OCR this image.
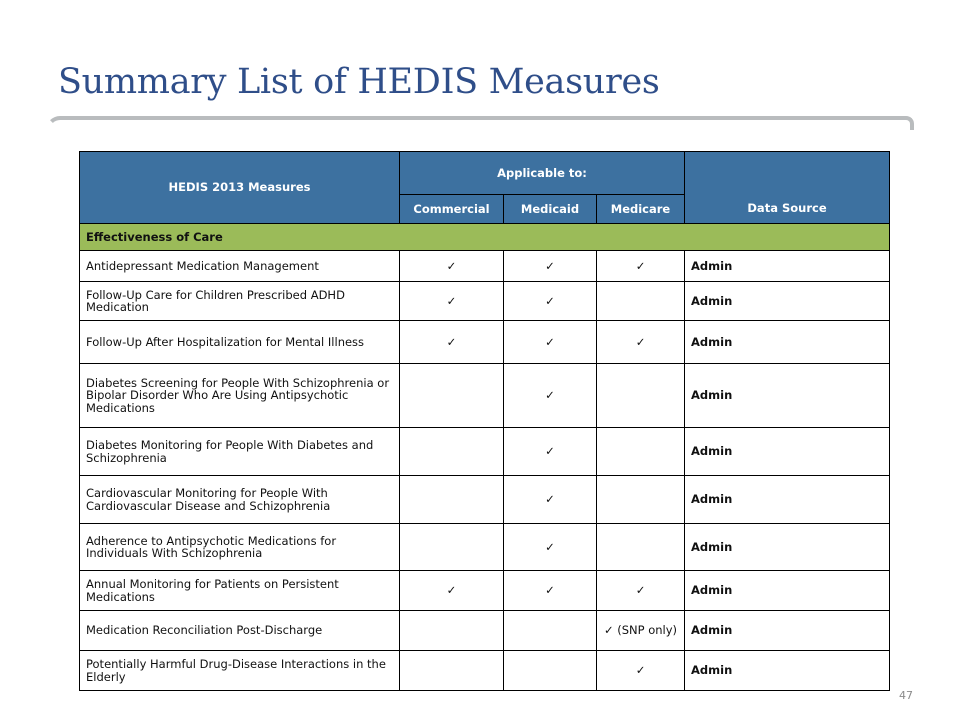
Summary List of HEDIS Measures
HEDIS 2013 Measures	Applicable to:			Data Source
	Commercial	Medicaid	Medicare	
Effectiveness of Care				
Antidepressant Medication Management	✓	✓	✓	Admin
Follow-Up Care for Children Prescribed ADHD Medication	✓	✓		Admin
Follow-Up After Hospitalization for Mental Illness	✓	✓	✓	Admin
Diabetes Screening for People With Schizophrenia or Bipolar Disorder Who Are Using Antipsychotic Medications		✓		Admin
Diabetes Monitoring for People With Diabetes and Schizophrenia		✓		Admin
Cardiovascular Monitoring for People With Cardiovascular Disease and Schizophrenia		✓		Admin
Adherence to Antipsychotic Medications for Individuals With Schizophrenia		✓		Admin
Annual Monitoring for Patients on Persistent Medications	✓	✓	✓	Admin
Medication Reconciliation Post-Discharge			✓ (SNP only)	Admin
Potentially Harmful Drug-Disease Interactions in the Elderly			✓	Admin
47
